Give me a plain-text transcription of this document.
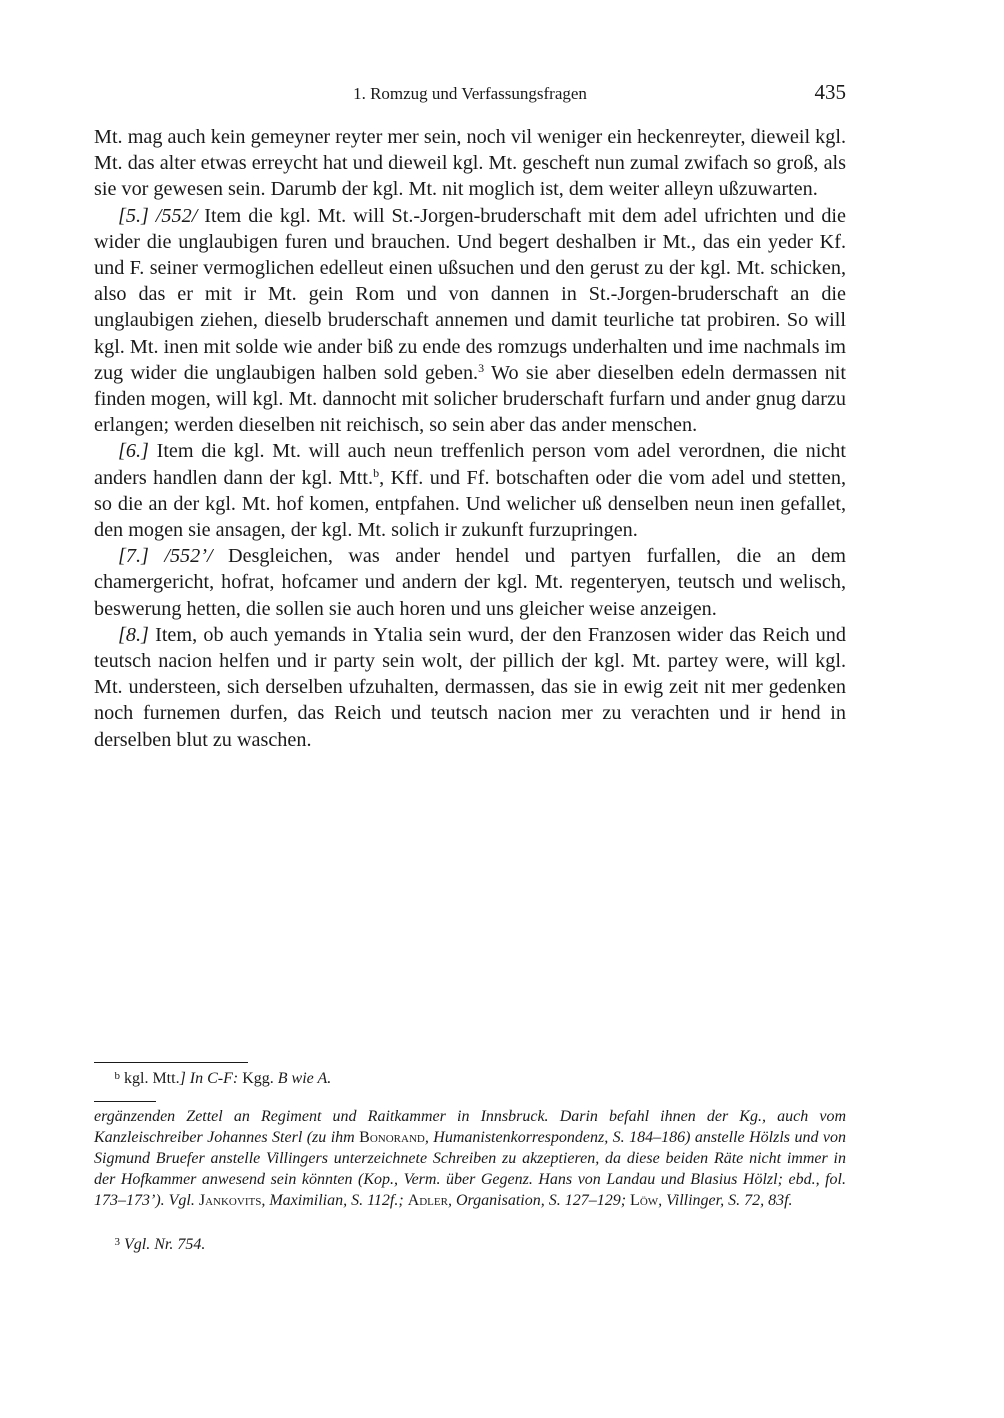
1. Romzug und Verfassungsfragen	435

Mt. mag auch kein gemeyner reyter mer sein, noch vil weniger ein heckenreyter, dieweil kgl. Mt. das alter etwas erreycht hat und dieweil kgl. Mt. gescheft nun zumal zwifach so groß, als sie vor gewesen sein. Darumb der kgl. Mt. nit moglich ist, dem weiter alleyn ußzuwarten.

[5.] /552/ Item die kgl. Mt. will St.-Jorgen-bruderschaft mit dem adel ufrichten und die wider die unglaubigen furen und brauchen. Und begert deshalben ir Mt., das ein yeder Kf. und F. seiner vermoglichen edelleut einen ußsuchen und den gerust zu der kgl. Mt. schicken, also das er mit ir Mt. gein Rom und von dannen in St.-Jorgen-bruderschaft an die unglaubigen ziehen, dieselb bruderschaft annemen und damit teurliche tat probiren. So will kgl. Mt. inen mit solde wie ander biß zu ende des romzugs underhalten und ime nachmals im zug wider die unglaubigen halben sold geben.$^3$ Wo sie aber dieselben edeln dermassen nit finden mogen, will kgl. Mt. dannocht mit solicher bruderschaft furfarn und ander gnug darzu erlangen; werden dieselben nit reichisch, so sein aber das ander menschen.

[6.] Item die kgl. Mt. will auch neun treffenlich person vom adel verordnen, die nicht anders handlen dann der kgl. Mtt.$^b$, Kff. und Ff. botschaften oder die vom adel und stetten, so die an der kgl. Mt. hof komen, entpfahen. Und welicher uß denselben neun inen gefallet, den mogen sie ansagen, der kgl. Mt. solich ir zukunft furzupringen.

[7.] /552’/ Desgleichen, was ander hendel und partyen furfallen, die an dem chamergericht, hofrat, hofcamer und andern der kgl. Mt. regenteryen, teutsch und welisch, beswerung hetten, die sollen sie auch horen und uns gleicher weise anzeigen.

[8.] Item, ob auch yemands in Ytalia sein wurd, der den Franzosen wider das Reich und teutsch nacion helfen und ir party sein wolt, der pillich der kgl. Mt. partey were, will kgl. Mt. understeen, sich derselben ufzuhalten, dermassen, das sie in ewig zeit nit mer gedenken noch furnemen durfen, das Reich und teutsch nacion mer zu verachten und ir hend in derselben blut zu waschen.

b kgl. Mtt.] In C-F: Kgg. B wie A.
ergänzenden Zettel an Regiment und Raitkammer in Innsbruck. Darin befahl ihnen der Kg., auch vom Kanzleischreiber Johannes Sterl (zu ihm Bonorand, Humanistenkorrespondenz, S. 184–186) anstelle Hölzls und von Sigmund Bruefer anstelle Villingers unterzeichnete Schreiben zu akzeptieren, da diese beiden Räte nicht immer in der Hofkammer anwesend sein könnten (Kop., Verm. über Gegenz. Hans von Landau und Blasius Hölzl; ebd., fol. 173–173’). Vgl. Jankovits, Maximilian, S. 112f.; Adler, Organisation, S. 127–129; Löw, Villinger, S. 72, 83f.
3 Vgl. Nr. 754.
